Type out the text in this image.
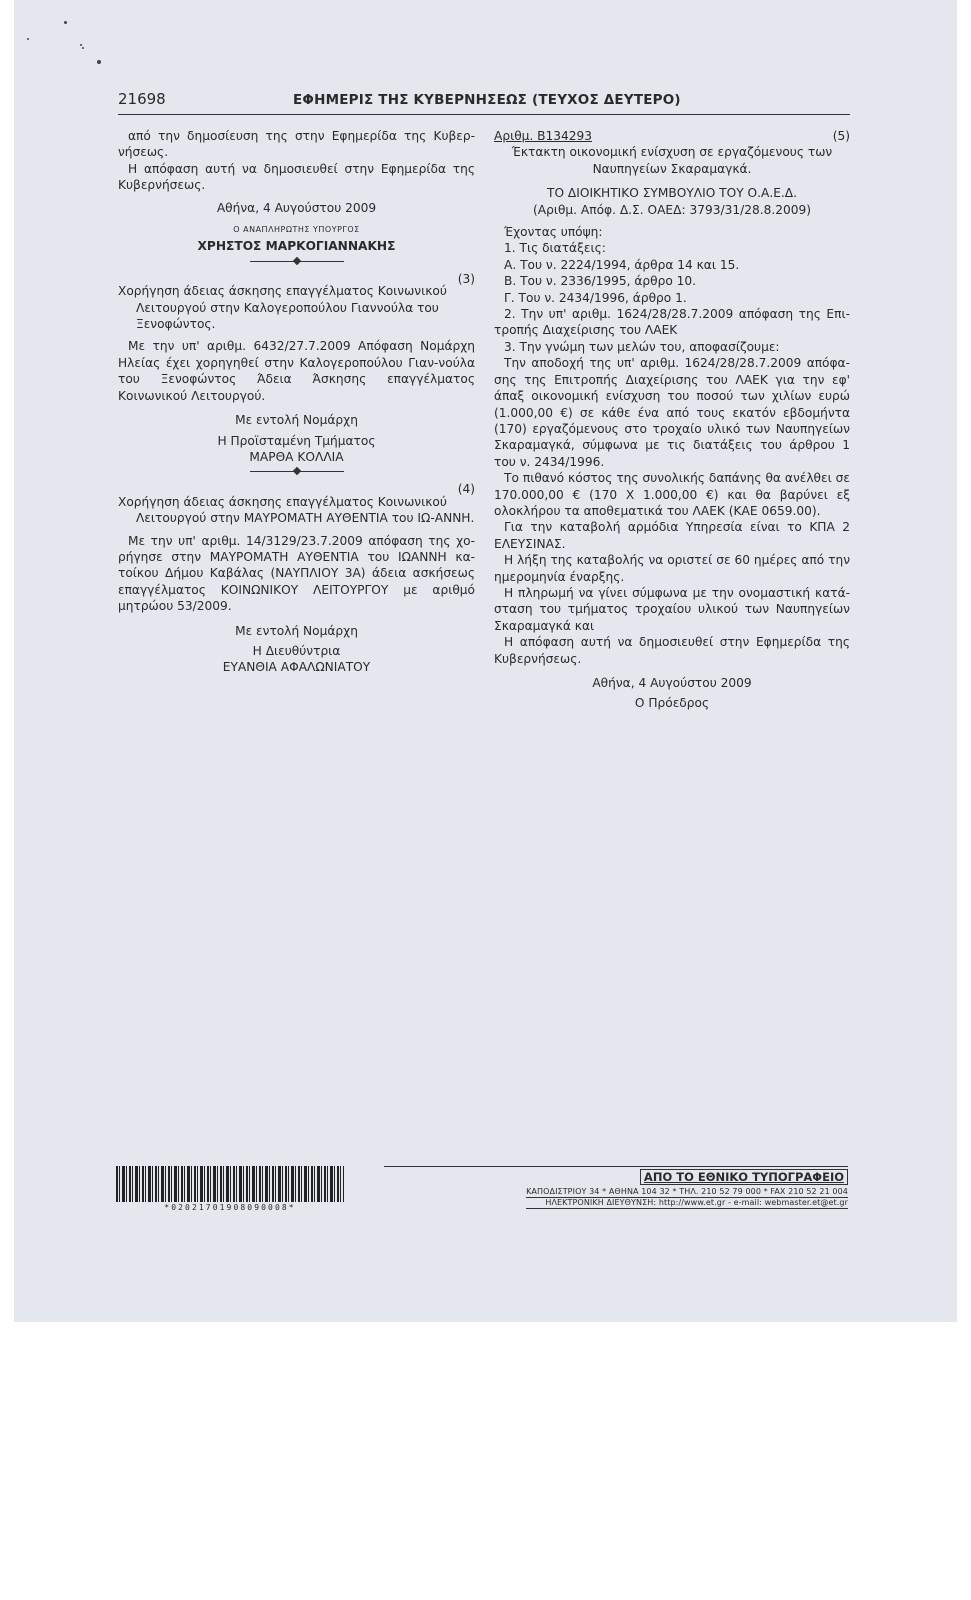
21698	ΕΦΗΜΕΡΙΣ ΤΗΣ ΚΥΒΕΡΝΗΣΕΩΣ (ΤΕΥΧΟΣ ΔΕΥΤΕΡΟ)

από την δημοσίευση της στην Εφημερίδα της Κυβερ-νήσεως.

Η απόφαση αυτή να δημοσιευθεί στην Εφημερίδα της Κυβερνήσεως.

Αθήνα, 4 Αυγούστου 2009

Ο ΑΝΑΠΛΗΡΩΤΗΣ ΥΠΟΥΡΓΟΣ

ΧΡΗΣΤΟΣ ΜΑΡΚΟΓΙΑΝΝΑΚΗΣ

(3)

Χορήγηση άδειας άσκησης επαγγέλματος Κοινωνικού Λειτουργού στην Καλογεροπούλου Γιαννούλα του Ξενοφώντος.

Με την υπ' αριθμ. 6432/27.7.2009 Απόφαση Νομάρχη Ηλείας έχει χορηγηθεί στην Καλογεροπούλου Γιαν-νούλα του Ξενοφώντος Άδεια Άσκησης επαγγέλματος Κοινωνικού Λειτουργού.

Με εντολή Νομάρχη

Η Προϊσταμένη Τμήματος

ΜΑΡΘΑ ΚΟΛΛΙΑ

(4)

Χορήγηση άδειας άσκησης επαγγέλματος Κοινωνικού Λειτουργού στην ΜΑΥΡΟΜΑΤΗ ΑΥΘΕΝΤΙΑ του ΙΩ-ΑΝΝΗ.

Με την υπ' αριθμ. 14/3129/23.7.2009 απόφαση της χο-ρήγησε στην ΜΑΥΡΟΜΑΤΗ ΑΥΘΕΝΤΙΑ του ΙΩΑΝΝΗ κα-τοίκου Δήμου Καβάλας (ΝΑΥΠΛΙΟΥ 3Α) άδεια ασκήσεως επαγγέλματος ΚΟΙΝΩΝΙΚΟΥ ΛΕΙΤΟΥΡΓΟΥ με αριθμό μητρώου 53/2009.

Με εντολή Νομάρχη

Η Διευθύντρια

ΕΥΑΝΘΙΑ ΑΦΑΛΩΝΙΑΤΟΥ

Αριθμ. Β134293	(5)

Έκτακτη οικονομική ενίσχυση σε εργαζόμενους των Ναυπηγείων Σκαραμαγκά.

ΤΟ ΔΙΟΙΚΗΤΙΚΟ ΣΥΜΒΟΥΛΙΟ ΤΟΥ Ο.Α.Ε.Δ.

(Αριθμ. Απόφ. Δ.Σ. ΟΑΕΔ: 3793/31/28.8.2009)

Έχοντας υπόψη:

1. Τις διατάξεις:

Α. Του ν. 2224/1994, άρθρα 14 και 15.

Β. Του ν. 2336/1995, άρθρο 10.

Γ. Του ν. 2434/1996, άρθρο 1.

2. Την υπ' αριθμ. 1624/28/28.7.2009 απόφαση της Επι-τροπής Διαχείρισης του ΛΑΕΚ

3. Την γνώμη των μελών του, αποφασίζουμε:

Την αποδοχή της υπ' αριθμ. 1624/28/28.7.2009 απόφα-σης της Επιτροπής Διαχείρισης του ΛΑΕΚ για την εφ' άπαξ οικονομική ενίσχυση του ποσού των χιλίων ευρώ (1.000,00 €) σε κάθε ένα από τους εκατόν εβδομήντα (170) εργαζόμενους στο τροχαίο υλικό των Ναυπηγείων Σκαραμαγκά, σύμφωνα με τις διατάξεις του άρθρου 1 του ν. 2434/1996.

Το πιθανό κόστος της συνολικής δαπάνης θα ανέλθει σε 170.000,00 € (170 Χ 1.000,00 €) και θα βαρύνει εξ ολοκλήρου τα αποθεματικά του ΛΑΕΚ (ΚΑΕ 0659.00).

Για την καταβολή αρμόδια Υπηρεσία είναι το ΚΠΑ 2 ΕΛΕΥΣΙΝΑΣ.

Η λήξη της καταβολής να οριστεί σε 60 ημέρες από την ημερομηνία έναρξης.

Η πληρωμή να γίνει σύμφωνα με την ονομαστική κατά-σταση του τμήματος τροχαίου υλικού των Ναυπηγείων Σκαραμαγκά και

Η απόφαση αυτή να δημοσιευθεί στην Εφημερίδα της Κυβερνήσεως.

Αθήνα, 4 Αυγούστου 2009

Ο Πρόεδρος

*02021701908090008*
ΑΠΟ ΤΟ ΕΘΝΙΚΟ ΤΥΠΟΓΡΑΦΕΙΟ
ΚΑΠΟΔΙΣΤΡΙΟΥ 34 * ΑΘΗΝΑ 104 32 * ΤΗΛ. 210 52 79 000 * FAX 210 52 21 004
ΗΛΕΚΤΡΟΝΙΚΗ ΔΙΕΥΘΥΝΣΗ: http://www.et.gr - e-mail: webmaster.et@et.gr
